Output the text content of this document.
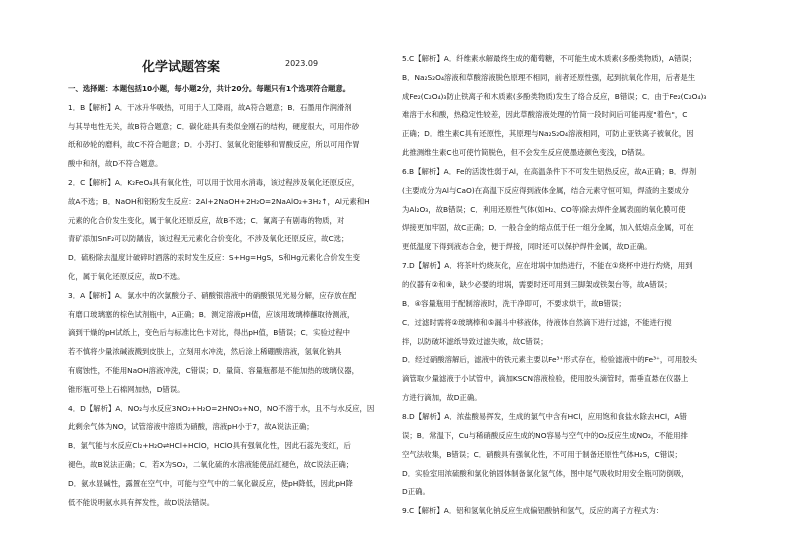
化学试题答案	2023.09
一、选择题：本题包括10小题，每小题2分，共计20分。每题只有1个选项符合题意。
1．B【解析】A．干冰升华吸热，可用于人工降雨，故A符合题意；B．石墨用作润滑剂
与其导电性无关，故B符合题意；C．碳化硅具有类似金刚石的结构，硬度很大，可用作砂
纸和砂轮的磨料，故C不符合题意；D．小苏打、氢氧化铝能够和胃酸反应，所以可用作胃
酸中和剂，故D不符合题意。
2．C【解析】A．K₂FeO₄具有氧化性，可以用于饮用水消毒，该过程涉及氧化还原反应，
故A不选；B．NaOH和铝粉发生反应：2Al+2NaOH+2H₂O=2NaAlO₂+3H₂↑，Al元素和H
元素的化合价发生变化，属于氧化还原反应，故B不选；C．氰离子有剧毒的物质，对
青矿添加SnF₂可以防龋齿，该过程无元素化合价变化，不涉及氧化还原反应，故C选；
D．硫粉除去温度计破碎时酒落的汞时发生反应：S+Hg=HgS，S和Hg元素化合价发生变
化，属于氧化还原反应，故D不选。
3．A【解析】A．氯水中的次氯酸分子、硝酸银溶液中的硝酸银见光易分解，应存放在配
有磨口玻璃塞的棕色试剂瓶中，A正确；B．测定溶液pH值，应该用玻璃棒蘸取待测液，
滴到干燥的pH试纸上，变色后与标准比色卡对比，得出pH值，B错误；C．实验过程中
若不慎将少量浓碱液溅到皮肤上，立刻用水冲洗，然后涂上稀硼酸溶液，氢氧化钠具
有腐蚀性，不能用NaOH溶液冲洗，C错误；D．量筒、容量瓶都是不能加热的玻璃仪器，
锥形瓶可垫上石棉网加热，D错误。
4．D【解析】A．NO₂与水反应3NO₂+H₂O=2HNO₃+NO，NO不溶于水，且不与水反应，因
此剩余气体为NO，试管溶液中溶质为硝酸，溶液pH小于7，故A说法正确；
B．氯气能与水反应Cl₂+H₂O⇌HCl+HClO，HClO具有强氧化性，因此石蕊先变红，后
褪色，故B说法正确；C．若X为SO₂，二氧化硫的水溶液能使品红褪色，故C说法正确；
D．氨水显碱性，露置在空气中，可能与空气中的二氧化碳反应，使pH降低，因此pH降
低不能说明氨水具有挥发性，故D说法错误。
5.C【解析】A．纤维素水解最终生成的葡萄糖，不可能生成木质素(多酚类物质)，A错误；
B．Na₂S₂O₄溶液和草酸溶液脱色原理不相同，前者还原性强，起到抗氧化作用，后者是生
成Fe₂(C₂O₄)₃防止铁离子和木质素(多酚类物质)发生了络合反应，B错误；C．由于Fe₂(C₂O₄)₃
难溶于水和酸，热稳定性较差，因此草酸溶液处理的竹简一段时间后可能再度"着色"，C
正确；D．维生素C具有还原性，其原理与Na₂S₂O₄溶液相同，可防止亚铁离子被氧化，因
此推测维生素C也可使竹简脱色，但不会发生反应使墨迹颜色变浅，D错误。
6.B【解析】A．Fe的活泼性弱于Al，在高温条件下不可发生铝热反应，故A正确；B．焊剂
(主要成分为Al与CaO)在高温下反应得到液体金属，结合元素守恒可知，焊渣的主要成分
为Al₂O₃，故B错误；C．利用还原性气体(如H₂、CO等)除去焊件金属表面的氧化膜可使
焊接更加牢固，故C正确；D．一般合金的熔点低于任一组分金属，加入低熔点金属，可在
更低温度下得到液态合金，便于焊接，同时还可以保护焊件金属，故D正确。
7.D【解析】A．将茶叶灼烧灰化，应在坩埚中加热进行，不能在①烧杯中进行灼烧，用到
的仪器有②和⑨，缺少必要的坩埚，需要时还可用到三脚架或铁架台等，故A错误；
B．④容量瓶用于配制溶液时，洗干净即可，不要求烘干，故B错误；
C．过滤时需将②玻璃棒和⑤漏斗中移液体，待液体自然滴下进行过滤，不能进行搅
拌，以防破坏滤纸导致过滤失败，故C错误；
D．经过硝酸溶解后，滤液中的铁元素主要以Fe³⁺形式存在，检验滤液中的Fe³⁺，可用胶头
滴管取少量滤液于小试管中，滴加KSCN溶液检验，使用胶头滴管时，需垂直悬在仪器上
方进行滴加，故D正确。
8.D【解析】A．浓盐酸易挥发，生成的氯气中含有HCl，应用饱和食盐水除去HCl，A错
误；B．常温下，Cu与稀硝酸反应生成的NO容易与空气中的O₂反应生成NO₂，不能用排
空气法收集，B错误；C．硝酸具有强氧化性，不可用于制备还原性气体H₂S，C错误；
D．实验室用浓硫酸和氯化钠固体制备氯化氢气体，图中尾气吸收时用安全瓶可防倒吸，
D正确。
9.C【解析】A．铝和氢氧化钠反应生成偏铝酸钠和氢气，反应的离子方程式为：
